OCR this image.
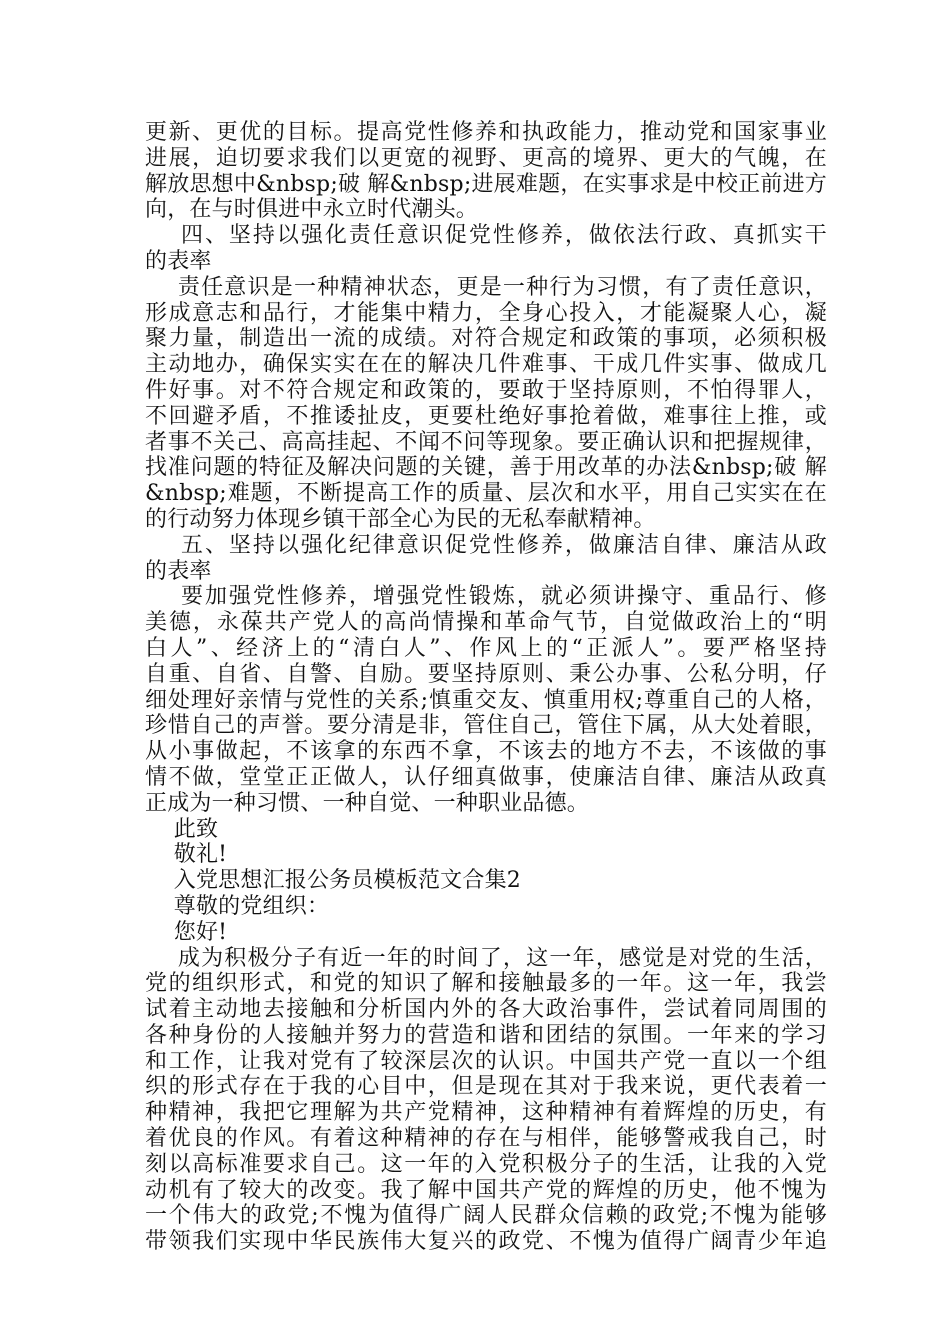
更新、更优的目标。提高党性修养和执政能力，推动党和国家事业
进展，迫切要求我们以更宽的视野、更高的境界、更大的气魄，在
解放思想中&nbsp;破 解&nbsp;进展难题，在实事求是中校正前进方
向，在与时俱进中永立时代潮头。
四、坚持以强化责任意识促党性修养，做依法行政、真抓实干
的表率
责任意识是一种精神状态，更是一种行为习惯，有了责任意识，
形成意志和品行，才能集中精力，全身心投入，才能凝聚人心，凝
聚力量，制造出一流的成绩。对符合规定和政策的事项，必须积极
主动地办，确保实实在在的解决几件难事、干成几件实事、做成几
件好事。对不符合规定和政策的，要敢于坚持原则，不怕得罪人，
不回避矛盾，不推诿扯皮，更要杜绝好事抢着做，难事往上推，或
者事不关己、高高挂起、不闻不问等现象。要正确认识和把握规律，
找准问题的特征及解决问题的关键，善于用改革的办法&nbsp;破 解
&nbsp;难题，不断提高工作的质量、层次和水平，用自己实实在在
的行动努力体现乡镇干部全心为民的无私奉献精神。
五、坚持以强化纪律意识促党性修养，做廉洁自律、廉洁从政
的表率
要加强党性修养，增强党性锻炼，就必须讲操守、重品行、修
美德，永葆共产党人的高尚情操和革命气节，自觉做政治上的“明
白人”、经济上的“清白人”、作风上的“正派人”。要严格坚持
自重、自省、自警、自励。要坚持原则、秉公办事、公私分明，仔
细处理好亲情与党性的关系;慎重交友、慎重用权;尊重自己的人格，
珍惜自己的声誉。要分清是非，管住自己，管住下属，从大处着眼，
从小事做起，不该拿的东西不拿，不该去的地方不去，不该做的事
情不做，堂堂正正做人，认仔细真做事，使廉洁自律、廉洁从政真
正成为一种习惯、一种自觉、一种职业品德。
此致
敬礼!
入党思想汇报公务员模板范文合集2
尊敬的党组织：
您好!
成为积极分子有近一年的时间了，这一年，感觉是对党的生活，
党的组织形式，和党的知识了解和接触最多的一年。这一年，我尝
试着主动地去接触和分析国内外的各大政治事件，尝试着同周围的
各种身份的人接触并努力的营造和谐和团结的氛围。一年来的学习
和工作，让我对党有了较深层次的认识。中国共产党一直以一个组
织的形式存在于我的心目中，但是现在其对于我来说，更代表着一
种精神，我把它理解为共产党精神，这种精神有着辉煌的历史，有
着优良的作风。有着这种精神的存在与相伴，能够警戒我自己，时
刻以高标准要求自己。这一年的入党积极分子的生活，让我的入党
动机有了较大的改变。我了解中国共产党的辉煌的历史，他不愧为
一个伟大的政党;不愧为值得广阔人民群众信赖的政党;不愧为能够
带领我们实现中华民族伟大复兴的政党、不愧为值得广阔青少年追
